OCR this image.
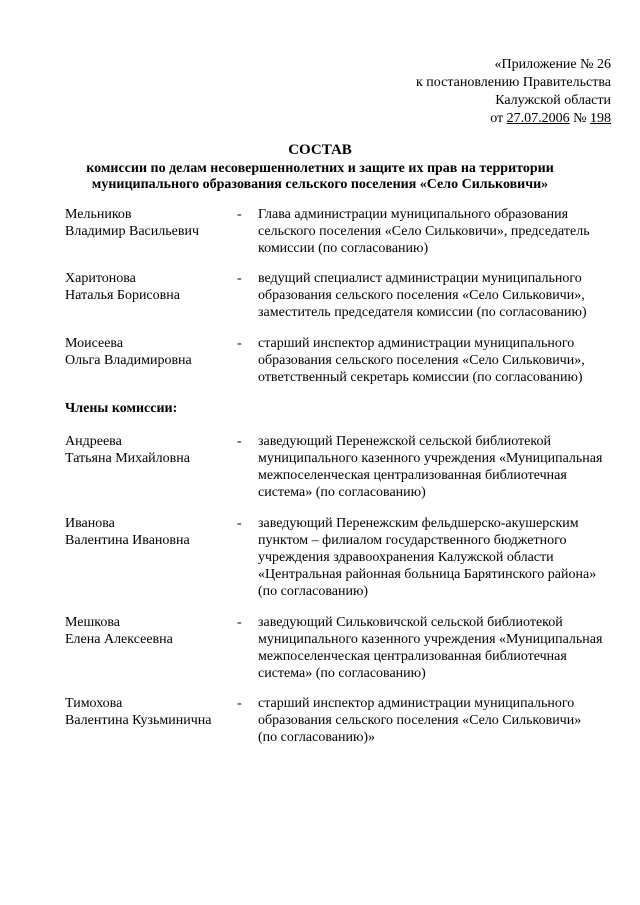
«Приложение № 26
к постановлению Правительства
Калужской области
от 27.07.2006 № 198
СОСТАВ
комиссии по делам несовершеннолетних и защите их прав на территории
муниципального образования сельского поселения «Село Сильковичи»
Мельников
Владимир Васильевич
- Глава администрации муниципального образования
сельского поселения «Село Сильковичи», председатель
комиссии (по согласованию)
Харитонова
Наталья Борисовна
- ведущий специалист администрации муниципального
образования сельского поселения «Село Сильковичи»,
заместитель председателя комиссии (по согласованию)
Моисеева
Ольга Владимировна
- старший инспектор администрации муниципального
образования сельского поселения «Село Сильковичи»,
ответственный секретарь комиссии (по согласованию)
Члены комиссии:
Андреева
Татьяна Михайловна
- заведующий Перенежской сельской библиотекой
муниципального казенного учреждения «Муниципальная
межпоселенческая централизованная библиотечная
система» (по согласованию)
Иванова
Валентина Ивановна
- заведующий Перенежским фельдшерско-акушерским
пунктом – филиалом государственного бюджетного
учреждения здравоохранения Калужской области
«Центральная районная больница Барятинского района»
(по согласованию)
Мешкова
Елена Алексеевна
- заведующий Сильковичской сельской библиотекой
муниципального казенного учреждения «Муниципальная
межпоселенческая централизованная библиотечная
система» (по согласованию)
Тимохова
Валентина Кузьминична
- старший инспектор администрации муниципального
образования сельского поселения «Село Сильковичи»
(по согласованию)»
